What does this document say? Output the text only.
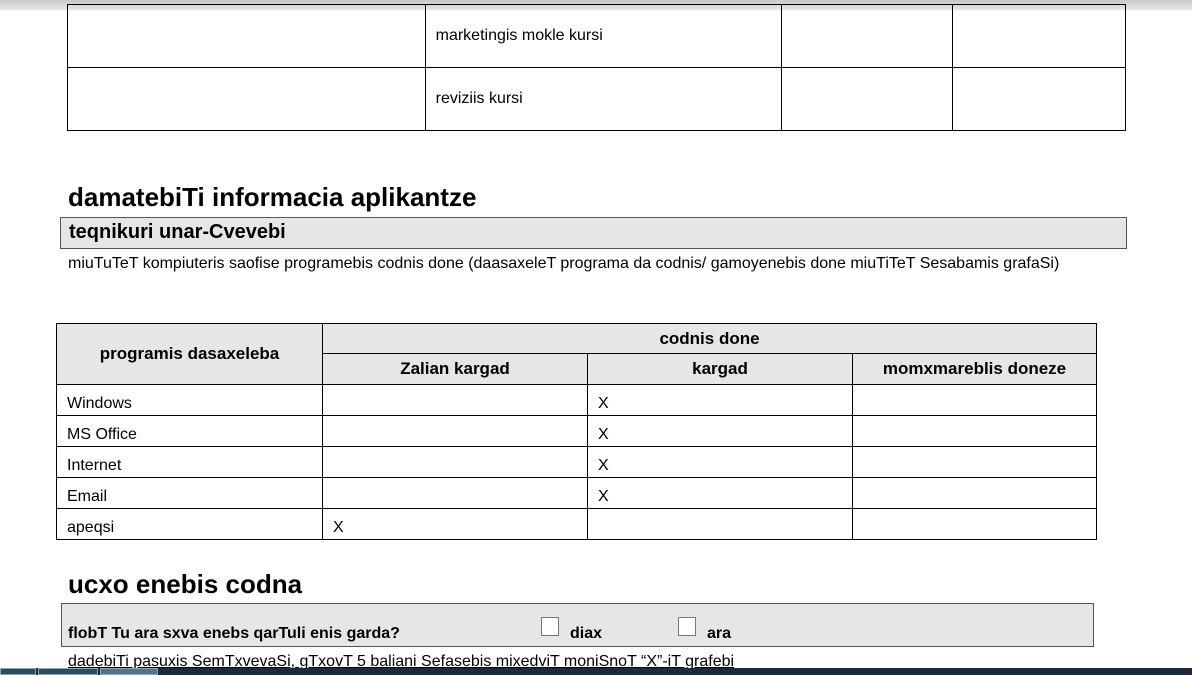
	marketingis mokle kursi		
	reviziis kursi		
damatebiTi informacia aplikantze
teqnikuri unar-Cvevebi
miuTuTeT kompiuteris saofise programebis codnis done (daasaxeleT programa da codnis/ gamoyenebis done miuTiTeT Sesabamis grafaSi)
programis dasaxeleba	codnis done		
	Zalian kargad	kargad	momxmareblis doneze
Windows		X	
MS Office		X	
Internet		X	
Email		X	
apeqsi	X		
ucxo enebis codna
flobT Tu ara sxva enebs qarTuli enis garda?	diax	ara
dadebiTi pasuxis SemTxvevaSi, gTxovT 5 baliani Sefasebis mixedviT moniSnoT “X”-iT grafebi
